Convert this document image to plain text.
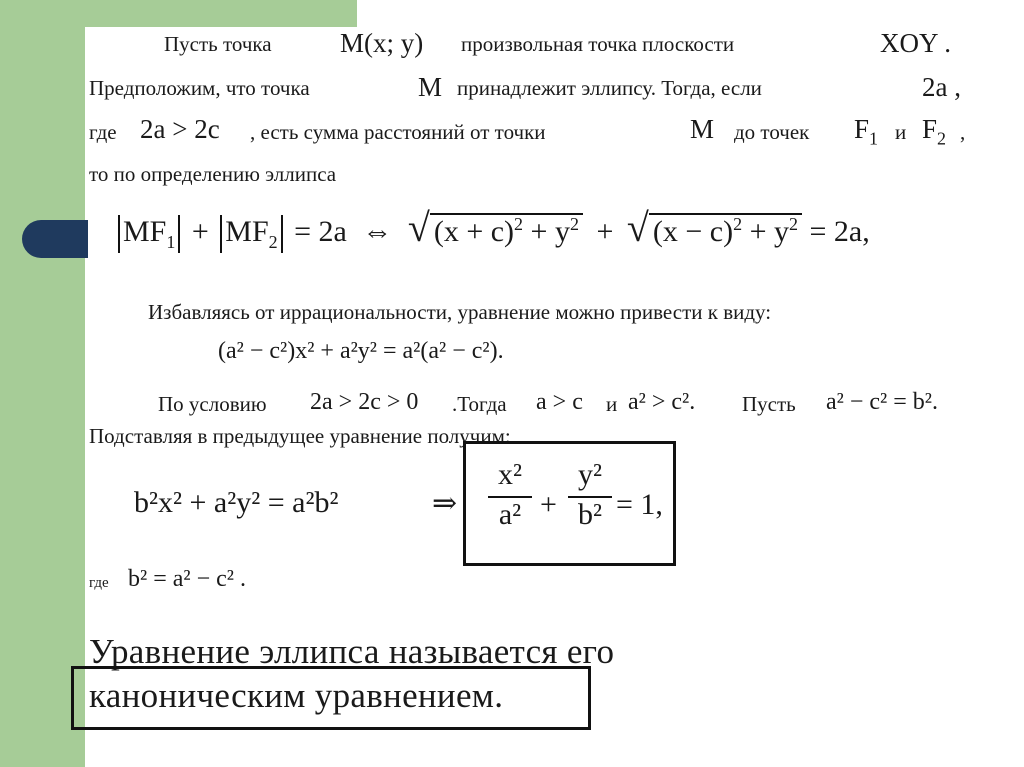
Пусть точка	M(x; y) произвольная точка плоскости	XOY .
Предположим, что точка	M принадлежит эллипсу. Тогда, если	2a ,
где 2a > 2c , есть сумма расстояний от точки	M до точек $F_1$ и $F_2$ ,
то по определению эллипса
$MF_1 + MF_2 = 2a$ ⇔ √ $(x + c)^2 + y^2$ + √ $(x - c)^2 + y^2 = 2a$,
Избавляясь от иррациональности, уравнение можно привести к виду:
(a² − c²)x² + a²y² = a²(a² − c²).
По условию 2a > 2c > 0 .Тогда a > c и a² > c². Пусть a² − c² = b².
Подставляя в предыдущее уравнение получим:
b²x² + a²y² = a²b²	⇒
x²
a² +
y²
b² = 1,
где b² = a² − c² .
Уравнение эллипса называется его
каноническим уравнением.
